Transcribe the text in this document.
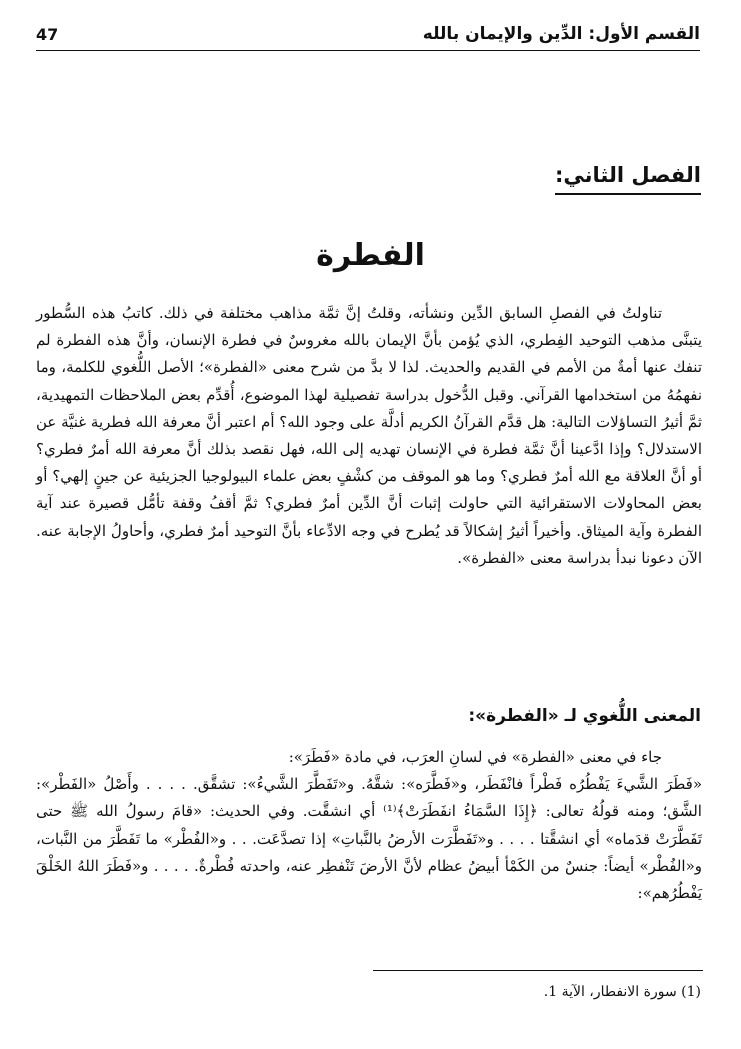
القسم الأول: الدِّين والإيمان بالله
47
الفصل الثاني:
الفطرة

تناولتُ في الفصلِ السابق الدِّين ونشأته، وقلتُ إنَّ ثمَّة مذاهب مختلفة في ذلك. كاتبُ هذه السُّطور يتبنَّى مذهب التوحيد الفِطري، الذي يُؤمن بأنَّ الإيمان بالله مغروسٌ في فطرة الإنسان، وأنَّ هذه الفطرة لم تنفك عنها أمةٌ من الأمم في القديم والحديث. لذا لا بدَّ من شرح معنى «الفطرة»؛ الأصل اللُّغوي للكلمة، وما نفهمُهُ من استخدامها القرآني. وقبل الدُّخول بدراسة تفصيلية لهذا الموضوع، أُقدِّم بعض الملاحظات التمهيدية، ثمَّ أثيرُ التساؤلات التالية: هل قدَّم القرآنُ الكريم أدلَّة على وجود الله؟ أم اعتبر أنَّ معرفة الله فطرية غنيَّة عن الاستدلال؟ وإذا ادَّعينا أنَّ ثمَّة فطرة في الإنسان تهديه إلى الله، فهل نقصد بذلك أنَّ معرفة الله أمرٌ فطري؟ أو أنَّ العلاقة مع الله أمرٌ فطري؟ وما هو الموقف من كشْفٍ بعض علماء البيولوجيا الجزيئية عن جينٍ إلهي؟ أو بعض المحاولات الاستقرائية التي حاولت إثبات أنَّ الدِّين أمرٌ فطري؟ ثمَّ أقفُ وقفة تأمُّل قصيرة عند آية الفطرة وآية الميثاق. وأخيراً أثيرُ إشكالاً قد يُطرح في وجه الادِّعاء بأنَّ التوحيد أمرٌ فطري، وأحاولُ الإجابة عنه. الآن دعونا نبدأ بدراسة معنى «الفطرة».

المعنى اللُّغوي لـ «الفطرة»:

جاء في معنى «الفطرة» في لسانِ العرَب، في مادة «فَطَرَ»:

«فَطَرَ الشَّيءَ يَفْطُرُه فَطْراً فانْفَطَر، و«فَطَّرَه»: شقَّهُ. و«تَفَطَّرَ الشَّيءُ»: تشقَّق. . . . . وأَصْلُ «الفَطْر»: الشَّق؛ ومنه قولُهُ تعالى: ﴿إِذَا السَّمَاءُ انفَطَرَتْ﴾⁽¹⁾ أي انشقَّت. وفي الحديث: «قامَ رسولُ الله ﷺ حتى تَفَطَّرَتْ قدَماه» أي انشقَّتا . . . . و«تَفَطَّرَت الأرضُ بالنَّباتِ» إذا تصدَّعَت. . . و«الفُطْر» ما تَفَطَّرَ من النَّبات، و«الفُطْر» أيضاً: جنسٌ من الكَمْأ أبيضُ عظام لأنَّ الأرضَ تَنْفطِر عنه، واحدته فُطْرةٌ. . . . . و«فَطَرَ اللهُ الخَلْقَ يَفْطُرُهم»:

(1) سورة الانفطار، الآية 1.
